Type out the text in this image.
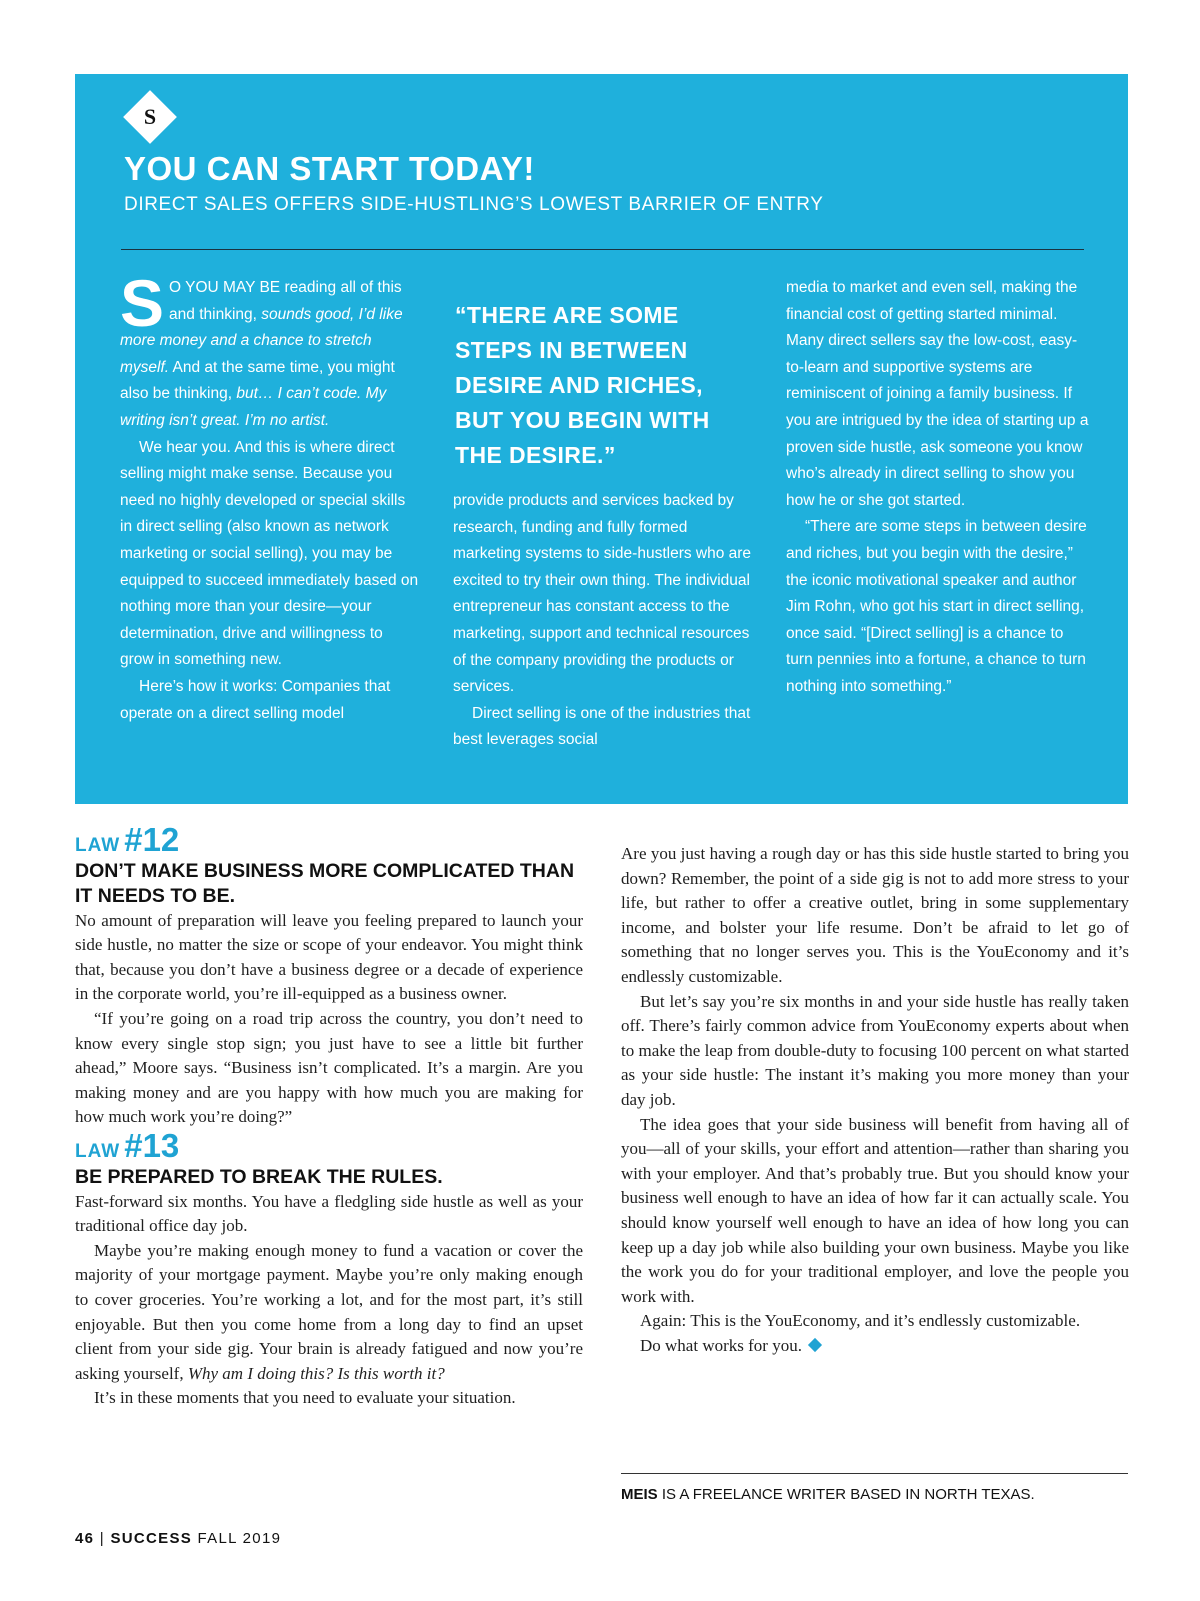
S
YOU CAN START TODAY!
DIRECT SALES OFFERS SIDE-HUSTLING’S LOWEST BARRIER OF ENTRY

S O YOU MAY BE reading all of this and thinking, sounds good, I’d like more money and a chance to stretch myself. And at the same time, you might also be thinking, but… I can’t code. My writing isn’t great. I’m no artist.

We hear you. And this is where direct selling might make sense. Because you need no highly developed or special skills in direct selling (also known as network marketing or social selling), you may be equipped to succeed immediately based on nothing more than your desire—your determination, drive and willingness to grow in something new.

Here’s how it works: Companies that operate on a direct selling model

“THERE ARE SOME STEPS IN BETWEEN DESIRE AND RICHES, BUT YOU BEGIN WITH THE DESIRE.”

provide products and services backed by research, funding and fully formed marketing systems to side-hustlers who are excited to try their own thing. The individual entrepreneur has constant access to the marketing, support and technical resources of the company providing the products or services.

Direct selling is one of the industries that best leverages social

media to market and even sell, making the financial cost of getting started minimal. Many direct sellers say the low-cost, easy-to-learn and supportive systems are reminiscent of joining a family business. If you are intrigued by the idea of starting up a proven side hustle, ask someone you know who’s already in direct selling to show you how he or she got started.

“There are some steps in between desire and riches, but you begin with the desire,” the iconic motivational speaker and author Jim Rohn, who got his start in direct selling, once said. “[Direct selling] is a chance to turn pennies into a fortune, a chance to turn nothing into something.”

LAW #12
DON’T MAKE BUSINESS MORE COMPLICATED THAN IT NEEDS TO BE.

No amount of preparation will leave you feeling prepared to launch your side hustle, no matter the size or scope of your endeavor. You might think that, because you don’t have a business degree or a decade of experience in the corporate world, you’re ill-equipped as a business owner.

“If you’re going on a road trip across the country, you don’t need to know every single stop sign; you just have to see a little bit further ahead,” Moore says. “Business isn’t complicated. It’s a margin. Are you making money and are you happy with how much you are making for how much work you’re doing?”

LAW #13
BE PREPARED TO BREAK THE RULES.

Fast-forward six months. You have a fledgling side hustle as well as your traditional office day job.

Maybe you’re making enough money to fund a vacation or cover the majority of your mortgage payment. Maybe you’re only making enough to cover groceries. You’re working a lot, and for the most part, it’s still enjoyable. But then you come home from a long day to find an upset client from your side gig. Your brain is already fatigued and now you’re asking yourself, Why am I doing this? Is this worth it?

It’s in these moments that you need to evaluate your situation.

Are you just having a rough day or has this side hustle started to bring you down? Remember, the point of a side gig is not to add more stress to your life, but rather to offer a creative outlet, bring in some supplementary income, and bolster your life resume. Don’t be afraid to let go of something that no longer serves you. This is the YouEconomy and it’s endlessly customizable.

But let’s say you’re six months in and your side hustle has really taken off. There’s fairly common advice from YouEconomy experts about when to make the leap from double-duty to focusing 100 percent on what started as your side hustle: The instant it’s making you more money than your day job.

The idea goes that your side business will benefit from having all of you—all of your skills, your effort and attention—rather than sharing you with your employer. And that’s probably true. But you should know your business well enough to have an idea of how far it can actually scale. You should know yourself well enough to have an idea of how long you can keep up a day job while also building your own business. Maybe you like the work you do for your traditional employer, and love the people you work with.

Again: This is the YouEconomy, and it’s endlessly customizable.

Do what works for you.

MEIS IS A FREELANCE WRITER BASED IN NORTH TEXAS.
46 | SUCCESS FALL 2019
